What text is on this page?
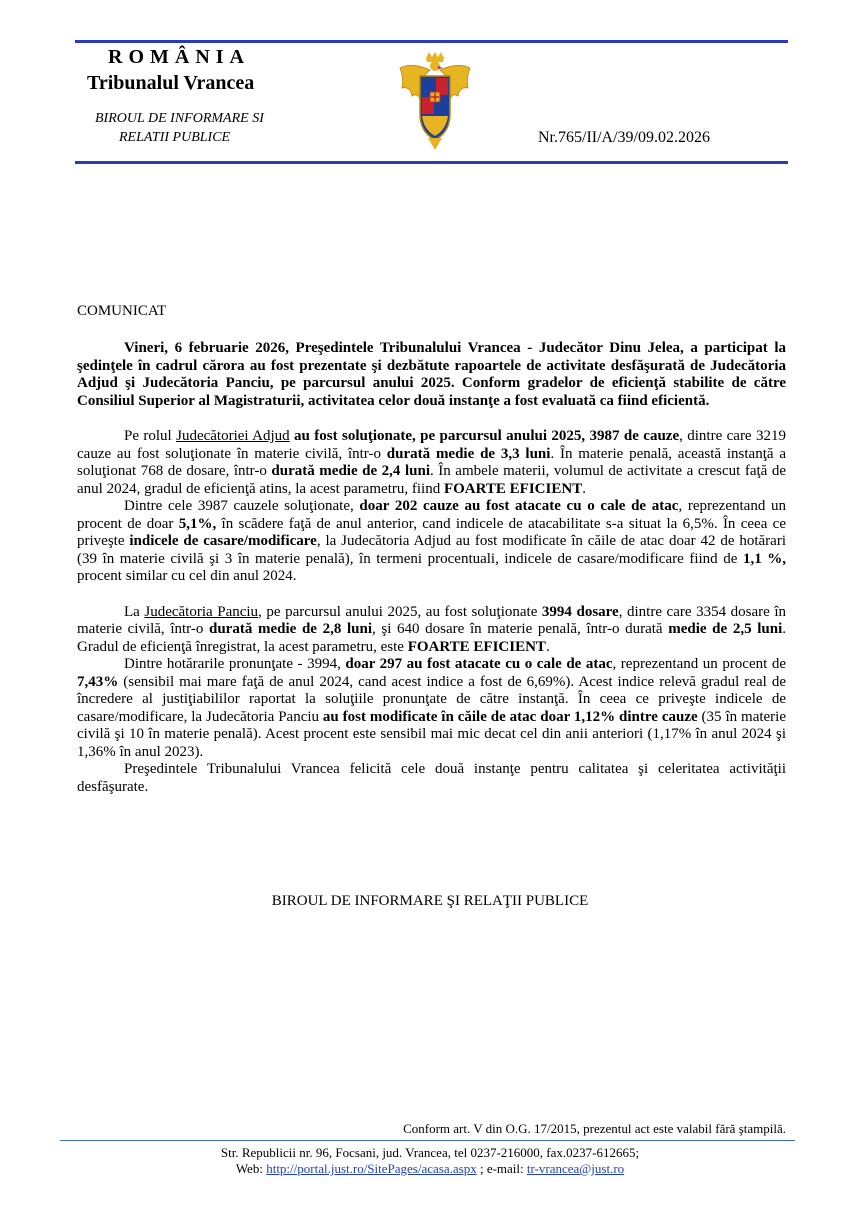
ROMÂNIA
Tribunalul Vrancea
BIROUL DE INFORMARE SI
RELATII PUBLICE	Nr.765/II/A/39/09.02.2026
COMUNICAT

Vineri, 6 februarie 2026, Preşedintele Tribunalului Vrancea - Judecător Dinu Jelea, a participat la şedinţele în cadrul cărora au fost prezentate şi dezbătute rapoartele de activitate desfăşurată de Judecătoria Adjud şi Judecătoria Panciu, pe parcursul anului 2025. Conform gradelor de eficienţă stabilite de către Consiliul Superior al Magistraturii, activitatea celor două instanţe a fost evaluată ca fiind eficientă.

Pe rolul Judecătoriei Adjud au fost soluţionate, pe parcursul anului 2025, 3987 de cauze, dintre care 3219 cauze au fost soluţionate în materie civilă, într-o durată medie de 3,3 luni. În materie penală, această instanţă a soluţionat 768 de dosare, într-o durată medie de 2,4 luni. În ambele materii, volumul de activitate a crescut faţă de anul 2024, gradul de eficienţă atins, la acest parametru, fiind FOARTE EFICIENT.

Dintre cele 3987 cauzele soluţionate, doar 202 cauze au fost atacate cu o cale de atac, reprezentand un procent de doar 5,1%, în scădere faţă de anul anterior, cand indicele de atacabilitate s-a situat la 6,5%. În ceea ce priveşte indicele de casare/modificare, la Judecătoria Adjud au fost modificate în căile de atac doar 42 de hotărari (39 în materie civilă şi 3 în materie penală), în termeni procentuali, indicele de casare/modificare fiind de 1,1 %, procent similar cu cel din anul 2024.

La Judecătoria Panciu, pe parcursul anului 2025, au fost soluţionate 3994 dosare, dintre care 3354 dosare în materie civilă, într-o durată medie de 2,8 luni, şi 640 dosare în materie penală, într-o durată medie de 2,5 luni. Gradul de eficienţă înregistrat, la acest parametru, este FOARTE EFICIENT.

Dintre hotărarile pronunţate - 3994, doar 297 au fost atacate cu o cale de atac, reprezentand un procent de 7,43% (sensibil mai mare faţă de anul 2024, cand acest indice a fost de 6,69%). Acest indice relevă gradul real de încredere al justiţiabililor raportat la soluţiile pronunţate de către instanţă. În ceea ce priveşte indicele de casare/modificare, la Judecătoria Panciu au fost modificate în căile de atac doar 1,12% dintre cauze (35 în materie civilă şi 10 în materie penală). Acest procent este sensibil mai mic decat cel din anii anteriori (1,17% în anul 2024 şi 1,36% în anul 2023).

Preşedintele Tribunalului Vrancea felicită cele două instanţe pentru calitatea şi celeritatea activităţii desfăşurate.

BIROUL DE INFORMARE ŞI RELAŢII PUBLICE
Conform art. V din O.G. 17/2015, prezentul act este valabil fără ştampilă.
Str. Republicii nr. 96, Focsani, jud. Vrancea, tel 0237-216000, fax.0237-612665;
Web: http://portal.just.ro/SitePages/acasa.aspx ; e-mail: tr-vrancea@just.ro
